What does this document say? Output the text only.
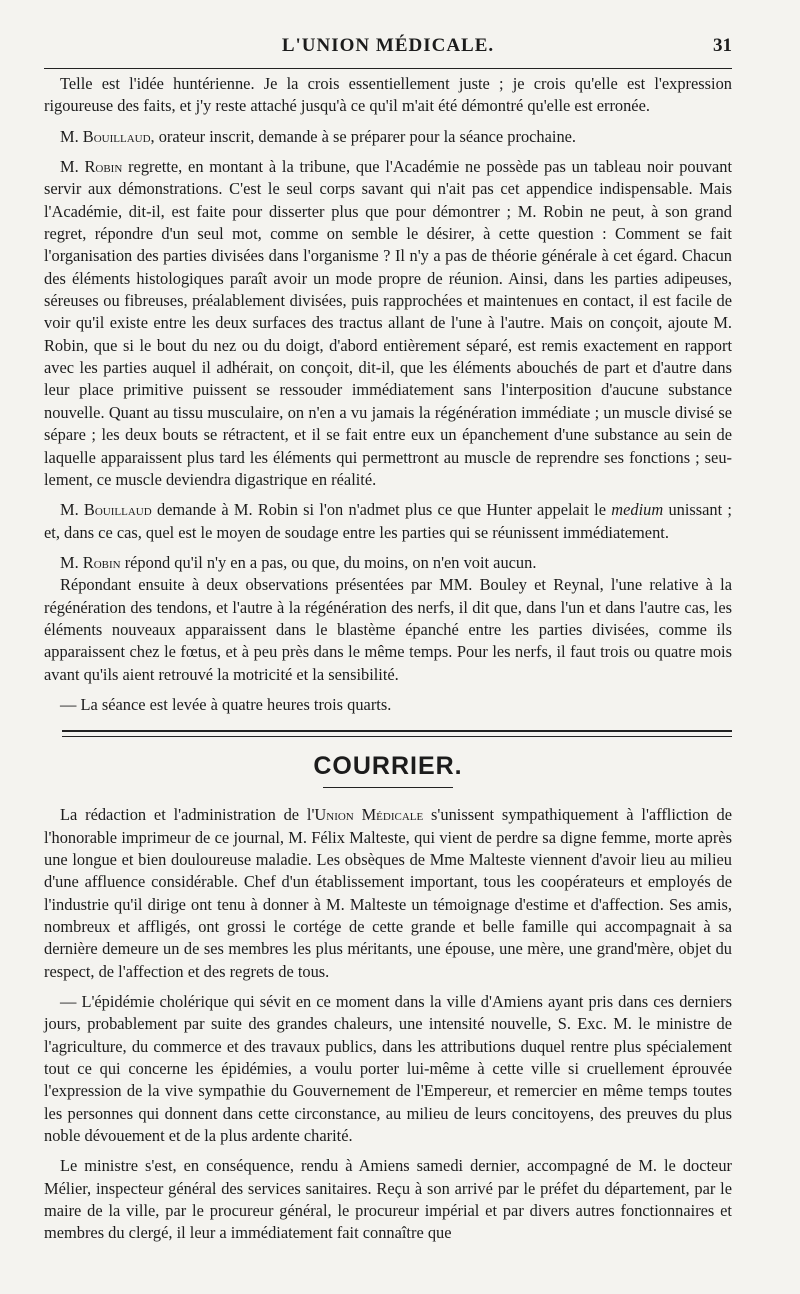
L'UNION MÉDICALE.	31

Telle est l'idée huntérienne. Je la crois essentiellement juste ; je crois qu'elle est l'expression rigoureuse des faits, et j'y reste attaché jusqu'à ce qu'il m'ait été démontré qu'elle est erronée.

M. Bouillaud, orateur inscrit, demande à se préparer pour la séance prochaine.

M. Robin regrette, en montant à la tribune, que l'Académie ne possède pas un tableau noir pouvant servir aux démonstrations. C'est le seul corps savant qui n'ait pas cet appendice indispensable. Mais l'Académie, dit-il, est faite pour disserter plus que pour démontrer ; M. Robin ne peut, à son grand regret, répondre d'un seul mot, comme on semble le désirer, à cette question : Comment se fait l'organisation des parties divisées dans l'organisme ? Il n'y a pas de théorie générale à cet égard. Chacun des éléments histologiques paraît avoir un mode propre de réunion. Ainsi, dans les parties adipeuses, séreuses ou fibreuses, préalablement divisées, puis rapprochées et maintenues en contact, il est facile de voir qu'il existe entre les deux surfaces des tractus allant de l'une à l'autre. Mais on conçoit, ajoute M. Robin, que si le bout du nez ou du doigt, d'abord entièrement séparé, est remis exactement en rapport avec les parties auquel il adhérait, on conçoit, dit-il, que les éléments abouchés de part et d'autre dans leur place primitive puissent se ressouder immédiatement sans l'interposition d'aucune substance nouvelle. Quant au tissu musculaire, on n'en a vu jamais la régénération immédiate ; un muscle divisé se sépare ; les deux bouts se rétractent, et il se fait entre eux un épanchement d'une substance au sein de laquelle apparaissent plus tard les éléments qui permettront au muscle de reprendre ses fonctions ; seulement, ce muscle deviendra digastrique en réalité.

M. Bouillaud demande à M. Robin si l'on n'admet plus ce que Hunter appelait le medium unissant ; et, dans ce cas, quel est le moyen de soudage entre les parties qui se réunissent immédiatement.

M. Robin répond qu'il n'y en a pas, ou que, du moins, on n'en voit aucun.

Répondant ensuite à deux observations présentées par MM. Bouley et Reynal, l'une relative à la régénération des tendons, et l'autre à la régénération des nerfs, il dit que, dans l'un et dans l'autre cas, les éléments nouveaux apparaissent dans le blastème épanché entre les parties divisées, comme ils apparaissent chez le fœtus, et à peu près dans le même temps. Pour les nerfs, il faut trois ou quatre mois avant qu'ils aient retrouvé la motricité et la sensibilité.

— La séance est levée à quatre heures trois quarts.

COURRIER.

La rédaction et l'administration de l'Union Médicale s'unissent sympathiquement à l'affliction de l'honorable imprimeur de ce journal, M. Félix Malteste, qui vient de perdre sa digne femme, morte après une longue et bien douloureuse maladie. Les obsèques de Mme Malteste viennent d'avoir lieu au milieu d'une affluence considérable. Chef d'un établissement important, tous les coopérateurs et employés de l'industrie qu'il dirige ont tenu à donner à M. Malteste un témoignage d'estime et d'affection. Ses amis, nombreux et affligés, ont grossi le cortége de cette grande et belle famille qui accompagnait à sa dernière demeure un de ses membres les plus méritants, une épouse, une mère, une grand'mère, objet du respect, de l'affection et des regrets de tous.

— L'épidémie cholérique qui sévit en ce moment dans la ville d'Amiens ayant pris dans ces derniers jours, probablement par suite des grandes chaleurs, une intensité nouvelle, S. Exc. M. le ministre de l'agriculture, du commerce et des travaux publics, dans les attributions duquel rentre plus spécialement tout ce qui concerne les épidémies, a voulu porter lui-même à cette ville si cruellement éprouvée l'expression de la vive sympathie du Gouvernement de l'Empereur, et remercier en même temps toutes les personnes qui donnent dans cette circonstance, au milieu de leurs concitoyens, des preuves du plus noble dévouement et de la plus ardente charité.

Le ministre s'est, en conséquence, rendu à Amiens samedi dernier, accompagné de M. le docteur Mélier, inspecteur général des services sanitaires. Reçu à son arrivé par le préfet du département, par le maire de la ville, par le procureur général, le procureur impérial et par divers autres fonctionnaires et membres du clergé, il leur a immédiatement fait connaître que
